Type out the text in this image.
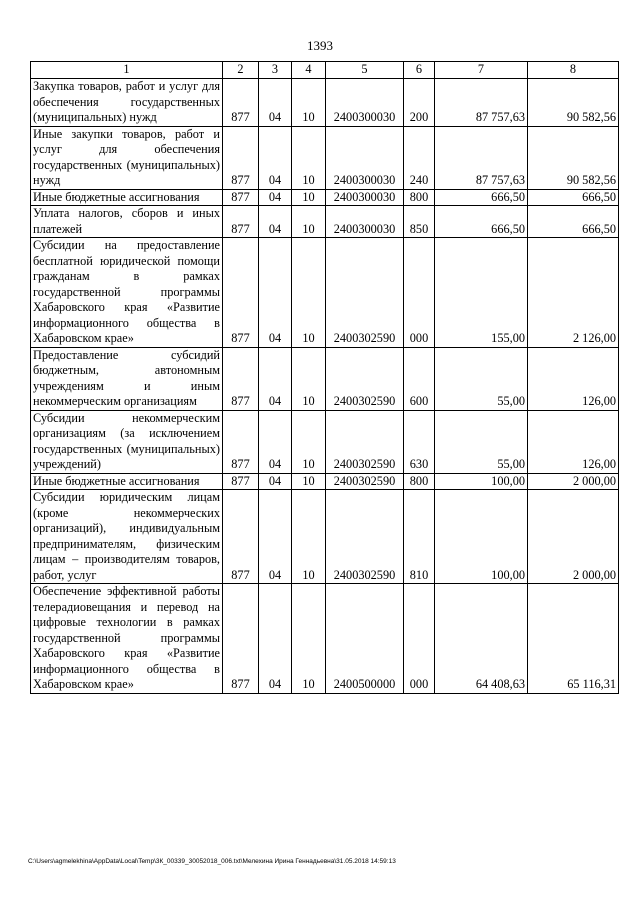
1393
1	2	3	4	5	6	7	8
Закупка товаров, работ и услуг для обеспечения государственных (муниципальных) нужд	877	04	10	2400300030	200	87 757,63	90 582,56
Иные закупки товаров, работ и услуг для обеспечения государственных (муниципальных) нужд	877	04	10	2400300030	240	87 757,63	90 582,56
Иные бюджетные ассигнования	877	04	10	2400300030	800	666,50	666,50
Уплата налогов, сборов и иных платежей	877	04	10	2400300030	850	666,50	666,50
Субсидии на предоставление бесплатной юридической помощи гражданам в рамках государственной программы Хабаровского края «Развитие информационного общества в Хабаровском крае»	877	04	10	2400302590	000	155,00	2 126,00
Предоставление субсидий бюджетным, автономным учреждениям и иным некоммерческим организациям	877	04	10	2400302590	600	55,00	126,00
Субсидии некоммерческим организациям (за исключением государственных (муниципальных) учреждений)	877	04	10	2400302590	630	55,00	126,00
Иные бюджетные ассигнования	877	04	10	2400302590	800	100,00	2 000,00
Субсидии юридическим лицам (кроме некоммерческих организаций), индивидуальным предпринимателям, физическим лицам – производителям товаров, работ, услуг	877	04	10	2400302590	810	100,00	2 000,00
Обеспечение эффективной работы телерадиовещания и перевод на цифровые технологии в рамках государственной программы Хабаровского края «Развитие информационного общества в Хабаровском крае»	877	04	10	2400500000	000	64 408,63	65 116,31
C:\Users\agmelekhina\AppData\Local\Temp\3К_00339_30052018_006.txt\Мелехина Ирина Геннадьевна\31.05.2018 14:59:13
